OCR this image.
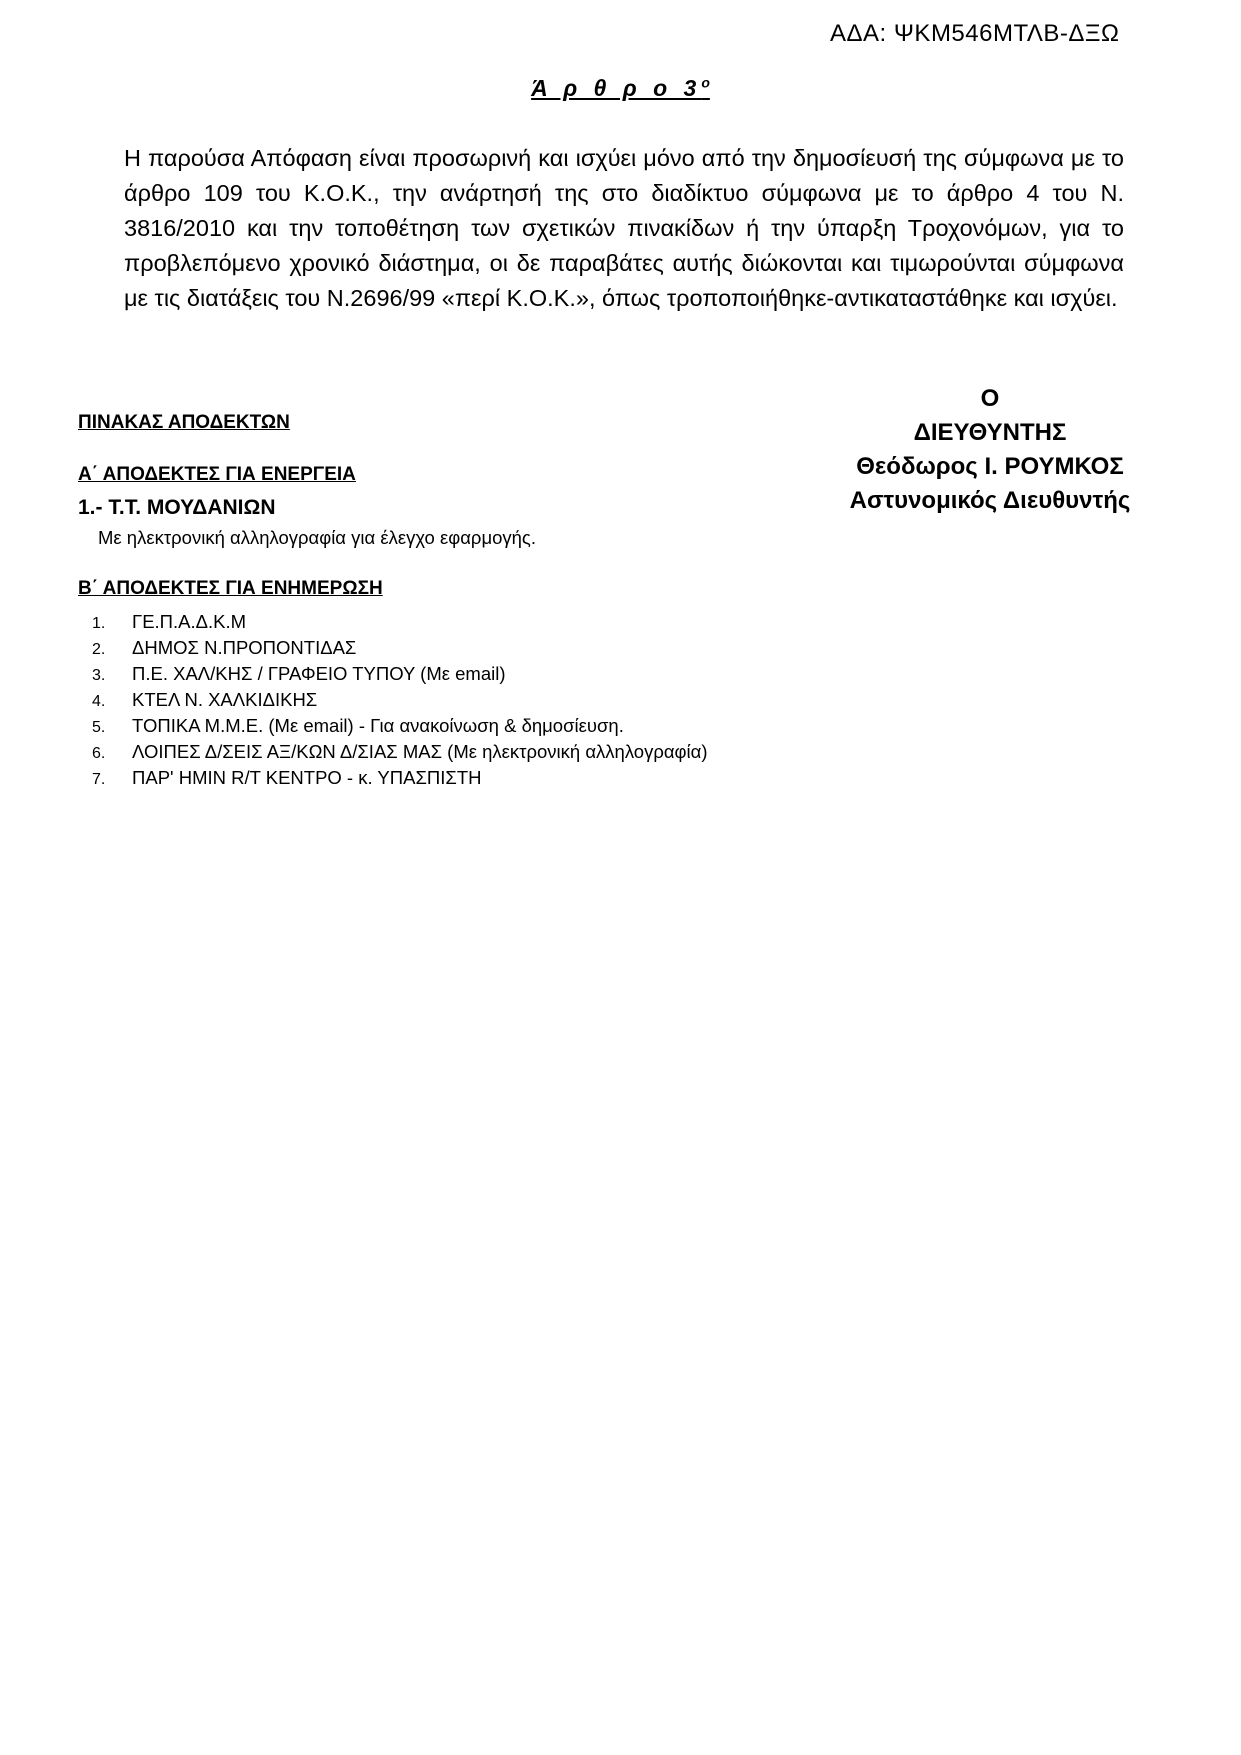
ΑΔΑ: ΨΚΜ546ΜΤΛΒ-ΔΞΩ
Ά ρ θ ρ ο $3^o$
Η παρούσα Απόφαση είναι προσωρινή και ισχύει μόνο από την δημοσίευσή της σύμφωνα με το άρθρο 109 του Κ.Ο.Κ., την ανάρτησή της στο διαδίκτυο σύμφωνα με το άρθρο 4 του Ν. 3816/2010 και την τοποθέτηση των σχετικών πινακίδων ή την ύπαρξη Τροχονόμων, για το προβλεπόμενο χρονικό διάστημα, οι δε παραβάτες αυτής διώκονται και τιμωρούνται σύμφωνα με τις διατάξεις του Ν.2696/99 «περί Κ.Ο.Κ.», όπως τροποποιήθηκε-αντικαταστάθηκε και ισχύει.
ΠΙΝΑΚΑΣ ΑΠΟΔΕΚΤΩΝ
Α΄ ΑΠΟΔΕΚΤΕΣ ΓΙΑ ΕΝΕΡΓΕΙΑ
1.- Τ.Τ. ΜΟΥΔΑΝΙΩΝ
Με ηλεκτρονική αλληλογραφία για έλεγχο εφαρμογής.
Β΄ ΑΠΟΔΕΚΤΕΣ ΓΙΑ ΕΝΗΜΕΡΩΣΗ
1. ΓΕ.Π.Α.Δ.Κ.Μ
2. ΔΗΜΟΣ Ν.ΠΡΟΠΟΝΤΙΔΑΣ
3. Π.Ε. ΧΑΛ/ΚΗΣ / ΓΡΑΦΕΙΟ ΤΥΠΟΥ (Με email)
4. ΚΤΕΛ Ν. ΧΑΛΚΙΔΙΚΗΣ
5. ΤΟΠΙΚΑ Μ.Μ.Ε. (Με email) - Για ανακοίνωση & δημοσίευση.
6. ΛΟΙΠΕΣ Δ/ΣΕΙΣ ΑΞ/ΚΩΝ Δ/ΣΙΑΣ ΜΑΣ (Με ηλεκτρονική αλληλογραφία)
7. ΠΑΡ' ΗΜΙΝ R/T ΚΕΝΤΡΟ - κ. ΥΠΑΣΠΙΣΤΗ
Ο
ΔΙΕΥΘΥΝΤΗΣ
Θεόδωρος Ι. ΡΟΥΜΚΟΣ
Αστυνομικός Διευθυντής
